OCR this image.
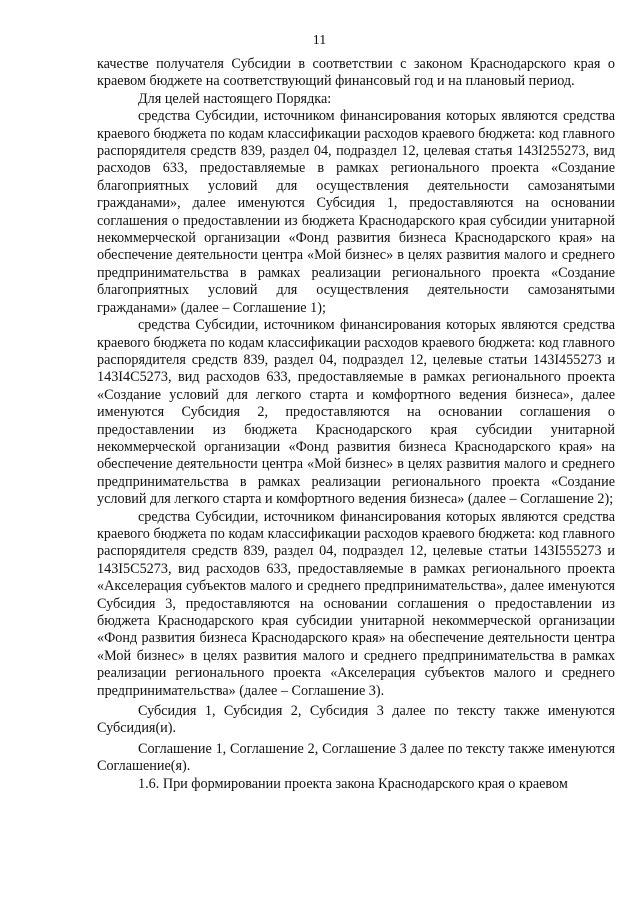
11

качестве получателя Субсидии в соответствии с законом Краснодарского края о краевом бюджете на соответствующий финансовый год и на плановый период.

Для целей настоящего Порядка:

средства Субсидии, источником финансирования которых являются средства краевого бюджета по кодам классификации расходов краевого бюджета: код главного распорядителя средств 839, раздел 04, подраздел 12, целевая статья 143I255273, вид расходов 633, предоставляемые в рамках регионального проекта «Создание благоприятных условий для осуществления деятельности самозанятыми гражданами», далее именуются Субсидия 1, предоставляются на основании соглашения о предоставлении из бюджета Краснодарского края субсидии унитарной некоммерческой организации «Фонд развития бизнеса Краснодарского края» на обеспечение деятельности центра «Мой бизнес» в целях развития малого и среднего предпринимательства в рамках реализации регионального проекта «Создание благоприятных условий для осуществления деятельности самозанятыми гражданами» (далее – Соглашение 1);

средства Субсидии, источником финансирования которых являются средства краевого бюджета по кодам классификации расходов краевого бюджета: код главного распорядителя средств 839, раздел 04, подраздел 12, целевые статьи 143I455273 и 143I4C5273, вид расходов 633, предоставляемые в рамках регионального проекта «Создание условий для легкого старта и комфортного ведения бизнеса», далее именуются Субсидия 2, предоставляются на основании соглашения о предоставлении из бюджета Краснодарского края субсидии унитарной некоммерческой организации «Фонд развития бизнеса Краснодарского края» на обеспечение деятельности центра «Мой бизнес» в целях развития малого и среднего предпринимательства в рамках реализации регионального проекта «Создание условий для легкого старта и комфортного ведения бизнеса» (далее – Соглашение 2);

средства Субсидии, источником финансирования которых являются средства краевого бюджета по кодам классификации расходов краевого бюджета: код главного распорядителя средств 839, раздел 04, подраздел 12, целевые статьи 143I555273 и 143I5C5273, вид расходов 633, предоставляемые в рамках регионального проекта «Акселерация субъектов малого и среднего предпринимательства», далее именуются Субсидия 3, предоставляются на основании соглашения о предоставлении из бюджета Краснодарского края субсидии унитарной некоммерческой организации «Фонд развития бизнеса Краснодарского края» на обеспечение деятельности центра «Мой бизнес» в целях развития малого и среднего предпринимательства в рамках реализации регионального проекта «Акселерация субъектов малого и среднего предпринимательства» (далее – Соглашение 3).

Субсидия 1, Субсидия 2, Субсидия 3 далее по тексту также именуются Субсидия(и).

Соглашение 1, Соглашение 2, Соглашение 3 далее по тексту также именуются Соглашение(я).

1.6. При формировании проекта закона Краснодарского края о краевом
